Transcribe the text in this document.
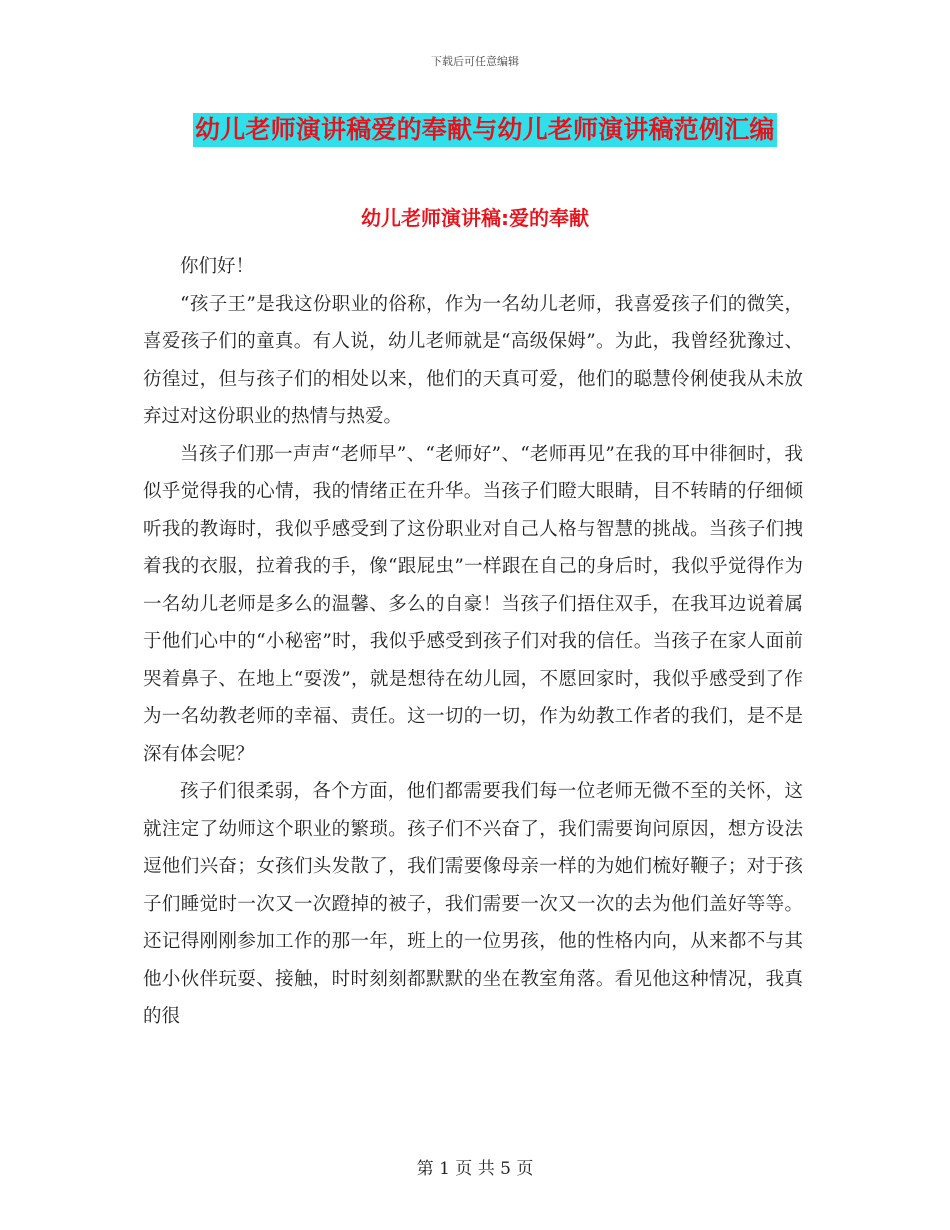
下载后可任意编辑
幼儿老师演讲稿爱的奉献与幼儿老师演讲稿范例汇编
幼儿老师演讲稿:爱的奉献

你们好！

“孩子王”是我这份职业的俗称，作为一名幼儿老师，我喜爱孩子们的微笑，喜爱孩子们的童真。有人说，幼儿老师就是“高级保姆”。为此，我曾经犹豫过、彷徨过，但与孩子们的相处以来，他们的天真可爱，他们的聪慧伶俐使我从未放弃过对这份职业的热情与热爱。

当孩子们那一声声“老师早”、“老师好”、“老师再见”在我的耳中徘徊时，我似乎觉得我的心情，我的情绪正在升华。当孩子们瞪大眼睛，目不转睛的仔细倾听我的教诲时，我似乎感受到了这份职业对自己人格与智慧的挑战。当孩子们拽着我的衣服，拉着我的手，像“跟屁虫”一样跟在自己的身后时，我似乎觉得作为一名幼儿老师是多么的温馨、多么的自豪！当孩子们捂住双手，在我耳边说着属于他们心中的“小秘密”时，我似乎感受到孩子们对我的信任。当孩子在家人面前哭着鼻子、在地上“耍泼”，就是想待在幼儿园，不愿回家时，我似乎感受到了作为一名幼教老师的幸福、责任。这一切的一切，作为幼教工作者的我们，是不是深有体会呢？

孩子们很柔弱，各个方面，他们都需要我们每一位老师无微不至的关怀，这就注定了幼师这个职业的繁琐。孩子们不兴奋了，我们需要询问原因，想方设法逗他们兴奋；女孩们头发散了，我们需要像母亲一样的为她们梳好鞭子；对于孩子们睡觉时一次又一次蹬掉的被子，我们需要一次又一次的去为他们盖好等等。还记得刚刚参加工作的那一年，班上的一位男孩，他的性格内向，从来都不与其他小伙伴玩耍、接触，时时刻刻都默默的坐在教室角落。看见他这种情况，我真的很

第 1 页 共 5 页
